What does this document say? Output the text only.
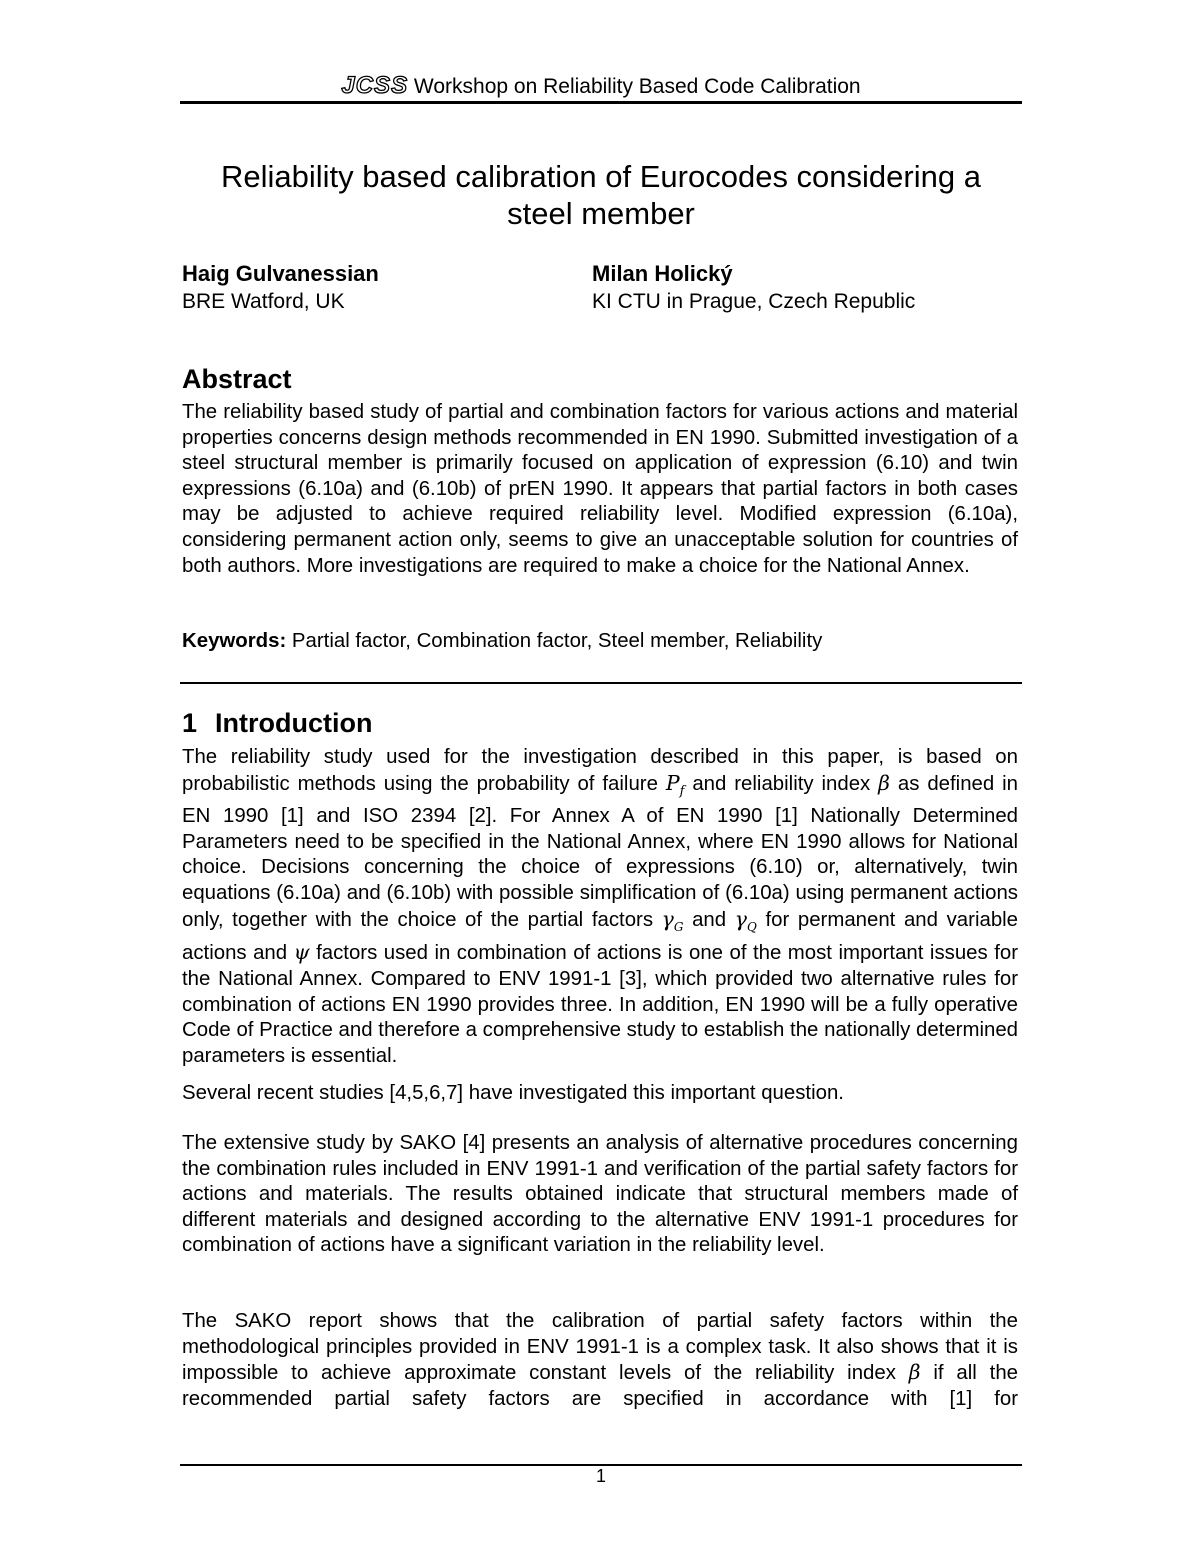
JCSS Workshop on Reliability Based Code Calibration
Reliability based calibration of Eurocodes considering a
steel member
Haig Gulvanessian
BRE Watford, UK
Milan Holický
KI CTU in Prague, Czech Republic
Abstract
The reliability based study of partial and combination factors for various actions and material properties concerns design methods recommended in EN 1990. Submitted investigation of a steel structural member is primarily focused on application of expression (6.10) and twin expressions (6.10a) and (6.10b) of prEN 1990. It appears that partial factors in both cases may be adjusted to achieve required reliability level. Modified expression (6.10a), considering permanent action only, seems to give an unacceptable solution for countries of both authors. More investigations are required to make a choice for the National Annex.
Keywords: Partial factor, Combination factor, Steel member, Reliability
1 Introduction
The reliability study used for the investigation described in this paper, is based on probabilistic methods using the probability of failure $P_f$ and reliability index β as defined in EN 1990 [1] and ISO 2394 [2]. For Annex A of EN 1990 [1] Nationally Determined Parameters need to be specified in the National Annex, where EN 1990 allows for National choice. Decisions concerning the choice of expressions (6.10) or, alternatively, twin equations (6.10a) and (6.10b) with possible simplification of (6.10a) using permanent actions only, together with the choice of the partial factors $\gamma_G$ and $\gamma_Q$ for permanent and variable actions and ψ factors used in combination of actions is one of the most important issues for the National Annex. Compared to ENV 1991-1 [3], which provided two alternative rules for combination of actions EN 1990 provides three. In addition, EN 1990 will be a fully operative Code of Practice and therefore a comprehensive study to establish the nationally determined parameters is essential.
Several recent studies [4,5,6,7] have investigated this important question.
The extensive study by SAKO [4] presents an analysis of alternative procedures concerning the combination rules included in ENV 1991-1 and verification of the partial safety factors for actions and materials. The results obtained indicate that structural members made of different materials and designed according to the alternative ENV 1991-1 procedures for combination of actions have a significant variation in the reliability level.
The SAKO report shows that the calibration of partial safety factors within the methodological principles provided in ENV 1991-1 is a complex task. It also shows that it is impossible to achieve approximate constant levels of the reliability index β if all the recommended partial safety factors are specified in accordance with [1] for
1
